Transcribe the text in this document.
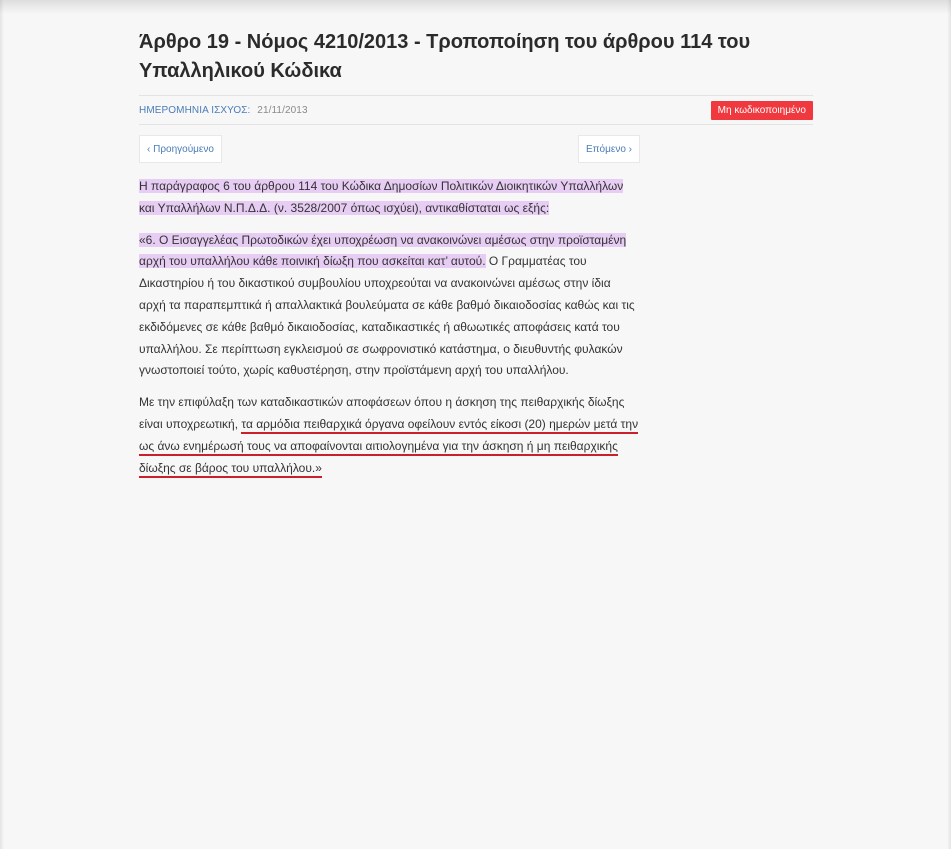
Άρθρο 19 - Νόμος 4210/2013 - Τροποποίηση του άρθρου 114 του Υπαλληλικού Κώδικα
ΗΜΕΡΟΜΗΝΙΑ ΙΣΧΥΟΣ: 21/11/2013	Μη κωδικοποιημένο
‹ Προηγούμενο	Επόμενο ›

Η παράγραφος 6 του άρθρου 114 του Κώδικα Δημοσίων Πολιτικών Διοικητικών Υπαλλήλων και Υπαλλήλων Ν.Π.Δ.Δ. (ν. 3528/2007 όπως ισχύει), αντικαθίσταται ως εξής:

«6. Ο Εισαγγελέας Πρωτοδικών έχει υποχρέωση να ανακοινώνει αμέσως στην προϊσταμένη αρχή του υπαλλήλου κάθε ποινική δίωξη που ασκείται κατ’ αυτού. Ο Γραμματέας του Δικαστηρίου ή του δικαστικού συμβουλίου υποχρεούται να ανακοινώνει αμέσως στην ίδια αρχή τα παραπεμπτικά ή απαλλακτικά βουλεύματα σε κάθε βαθμό δικαιοδοσίας καθώς και τις εκδιδόμενες σε κάθε βαθμό δικαιοδοσίας, καταδικαστικές ή αθωωτικές αποφάσεις κατά του υπαλλήλου. Σε περίπτωση εγκλεισμού σε σωφρονιστικό κατάστημα, ο διευθυντής φυλακών γνωστοποιεί τούτο, χωρίς καθυστέρηση, στην προϊστάμενη αρχή του υπαλλήλου.

Με την επιφύλαξη των καταδικαστικών αποφάσεων όπου η άσκηση της πειθαρχικής δίωξης είναι υποχρεωτική, τα αρμόδια πειθαρχικά όργανα οφείλουν εντός είκοσι (20) ημερών μετά την ως άνω ενημέρωσή τους να αποφαίνονται αιτιολογημένα για την άσκηση ή μη πειθαρχικής δίωξης σε βάρος του υπαλλήλου.»
